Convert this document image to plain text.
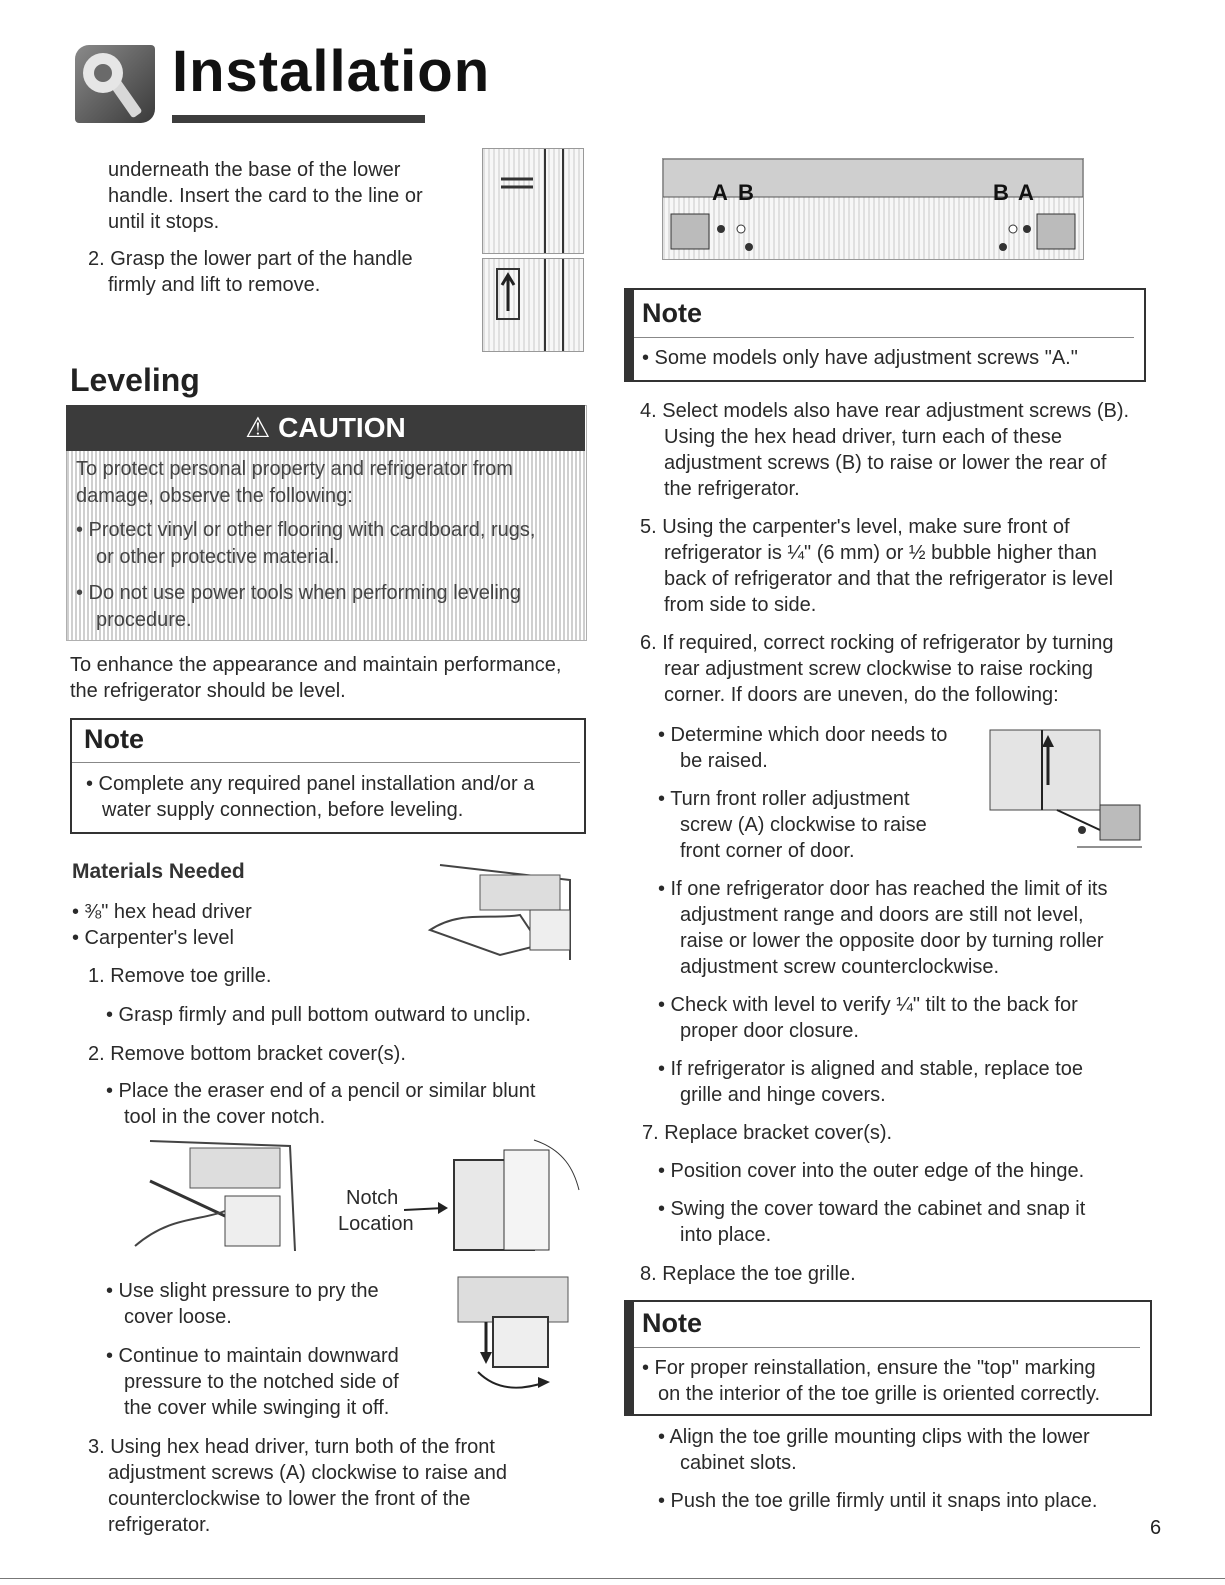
Installation
underneath the base of the lower
handle. Insert the card to the line or
until it stops.
2. Grasp the lower part of the handle
firmly and lift to remove.
Leveling
⚠ CAUTION
To protect personal property and refrigerator from
damage, observe the following:
• Protect vinyl or other flooring with cardboard, rugs,
or other protective material.
• Do not use power tools when performing leveling
procedure.
To enhance the appearance and maintain performance,
the refrigerator should be level.
Note
• Complete any required panel installation and/or a
water supply connection, before leveling.
Materials Needed
• ⅜" hex head driver
• Carpenter's level
1. Remove toe grille.
• Grasp firmly and pull bottom outward to unclip.
2. Remove bottom bracket cover(s).
• Place the eraser end of a pencil or similar blunt
tool in the cover notch.
Notch
Location
• Use slight pressure to pry the
cover loose.
• Continue to maintain downward
pressure to the notched side of
the cover while swinging it off.
3. Using hex head driver, turn both of the front
adjustment screws (A) clockwise to raise and
counterclockwise to lower the front of the
refrigerator.
A B	B A
Note
• Some models only have adjustment screws "A."
4. Select models also have rear adjustment screws (B).
Using the hex head driver, turn each of these
adjustment screws (B) to raise or lower the rear of
the refrigerator.
5. Using the carpenter's level, make sure front of
refrigerator is ¼" (6 mm) or ½ bubble higher than
back of refrigerator and that the refrigerator is level
from side to side.
6. If required, correct rocking of refrigerator by turning
rear adjustment screw clockwise to raise rocking
corner. If doors are uneven, do the following:
• Determine which door needs to
be raised.
• Turn front roller adjustment
screw (A) clockwise to raise
front corner of door.
• If one refrigerator door has reached the limit of its
adjustment range and doors are still not level,
raise or lower the opposite door by turning roller
adjustment screw counterclockwise.
• Check with level to verify ¼" tilt to the back for
proper door closure.
• If refrigerator is aligned and stable, replace toe
grille and hinge covers.
7. Replace bracket cover(s).
• Position cover into the outer edge of the hinge.
• Swing the cover toward the cabinet and snap it
into place.
8. Replace the toe grille.
Note
• For proper reinstallation, ensure the "top" marking
on the interior of the toe grille is oriented correctly.
• Align the toe grille mounting clips with the lower
cabinet slots.
• Push the toe grille firmly until it snaps into place.
6
